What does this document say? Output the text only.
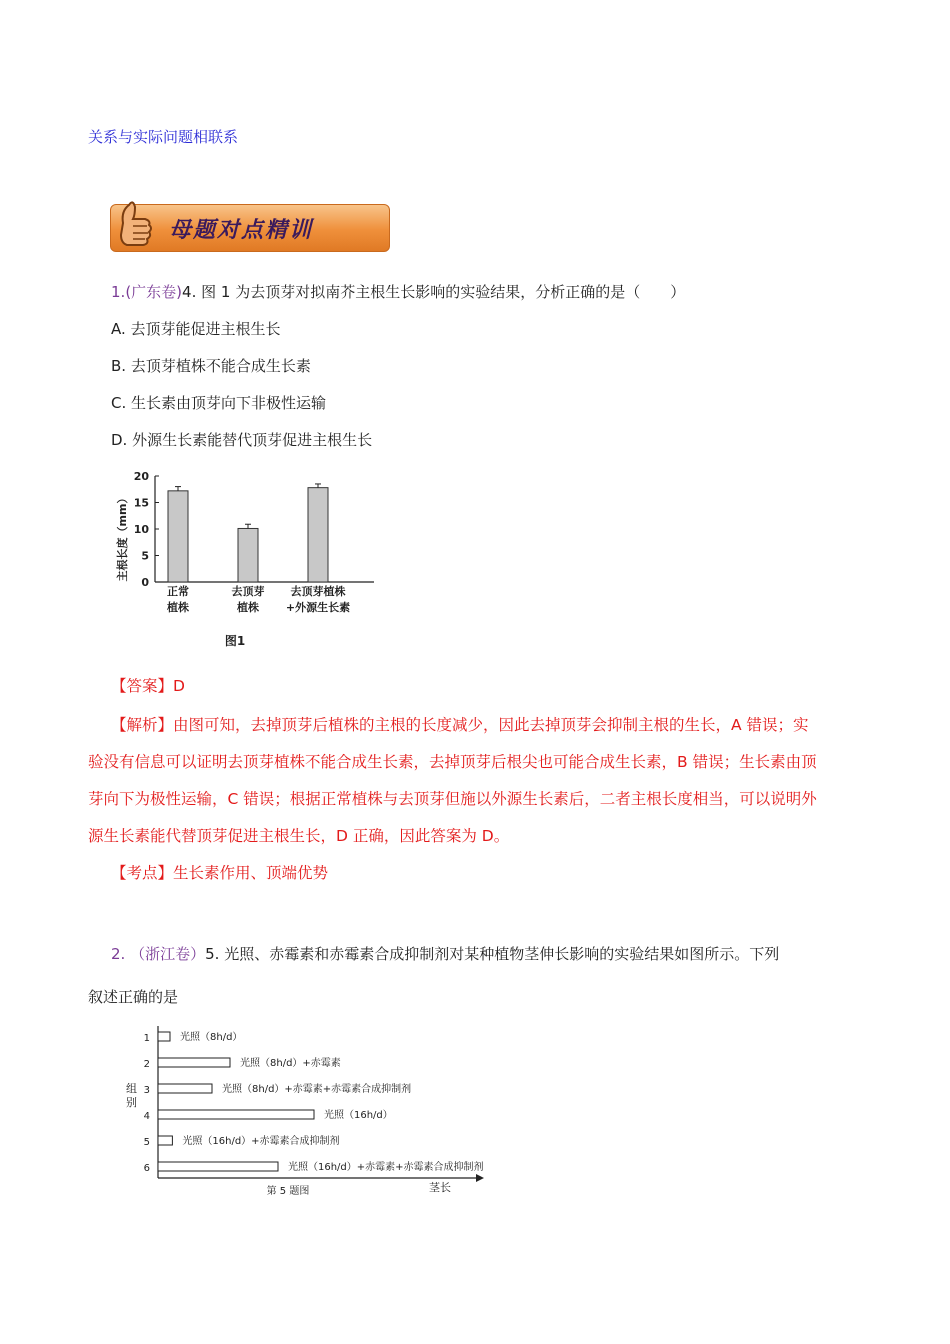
关系与实际问题相联系
母题对点精训
1.(广东卷)4. 图 1 为去顶芽对拟南芥主根生长影响的实验结果，分析正确的是（　　）
A. 去顶芽能促进主根生长
B. 去顶芽植株不能合成生长素
C. 生长素由顶芽向下非极性运输
D. 外源生长素能替代顶芽促进主根生长
主根长度（mm）
0
5
10
15
20
正常
植株
去顶芽
植株
去顶芽植株
+外源生长素
图1
【答案】D
【解析】由图可知，去掉顶芽后植株的主根的长度减少，因此去掉顶芽会抑制主根的生长，A 错误；实
验没有信息可以证明去顶芽植株不能合成生长素，去掉顶芽后根尖也可能合成生长素，B 错误；生长素由顶
芽向下为极性运输，C 错误；根据正常植株与去顶芽但施以外源生长素后，二者主根长度相当，可以说明外
源生长素能代替顶芽促进主根生长，D 正确，因此答案为 D。
【考点】生长素作用、顶端优势
2. （浙江卷）5. 光照、赤霉素和赤霉素合成抑制剂对某种植物茎伸长影响的实验结果如图所示。下列
叙述正确的是
组别
1	光照（8h/d）
2	光照（8h/d）+赤霉素
3	光照（8h/d）+赤霉素+赤霉素合成抑制剂
4	光照（16h/d）
5	光照（16h/d）+赤霉素合成抑制剂
6	光照（16h/d）+赤霉素+赤霉素合成抑制剂
第 5 题图	茎长
